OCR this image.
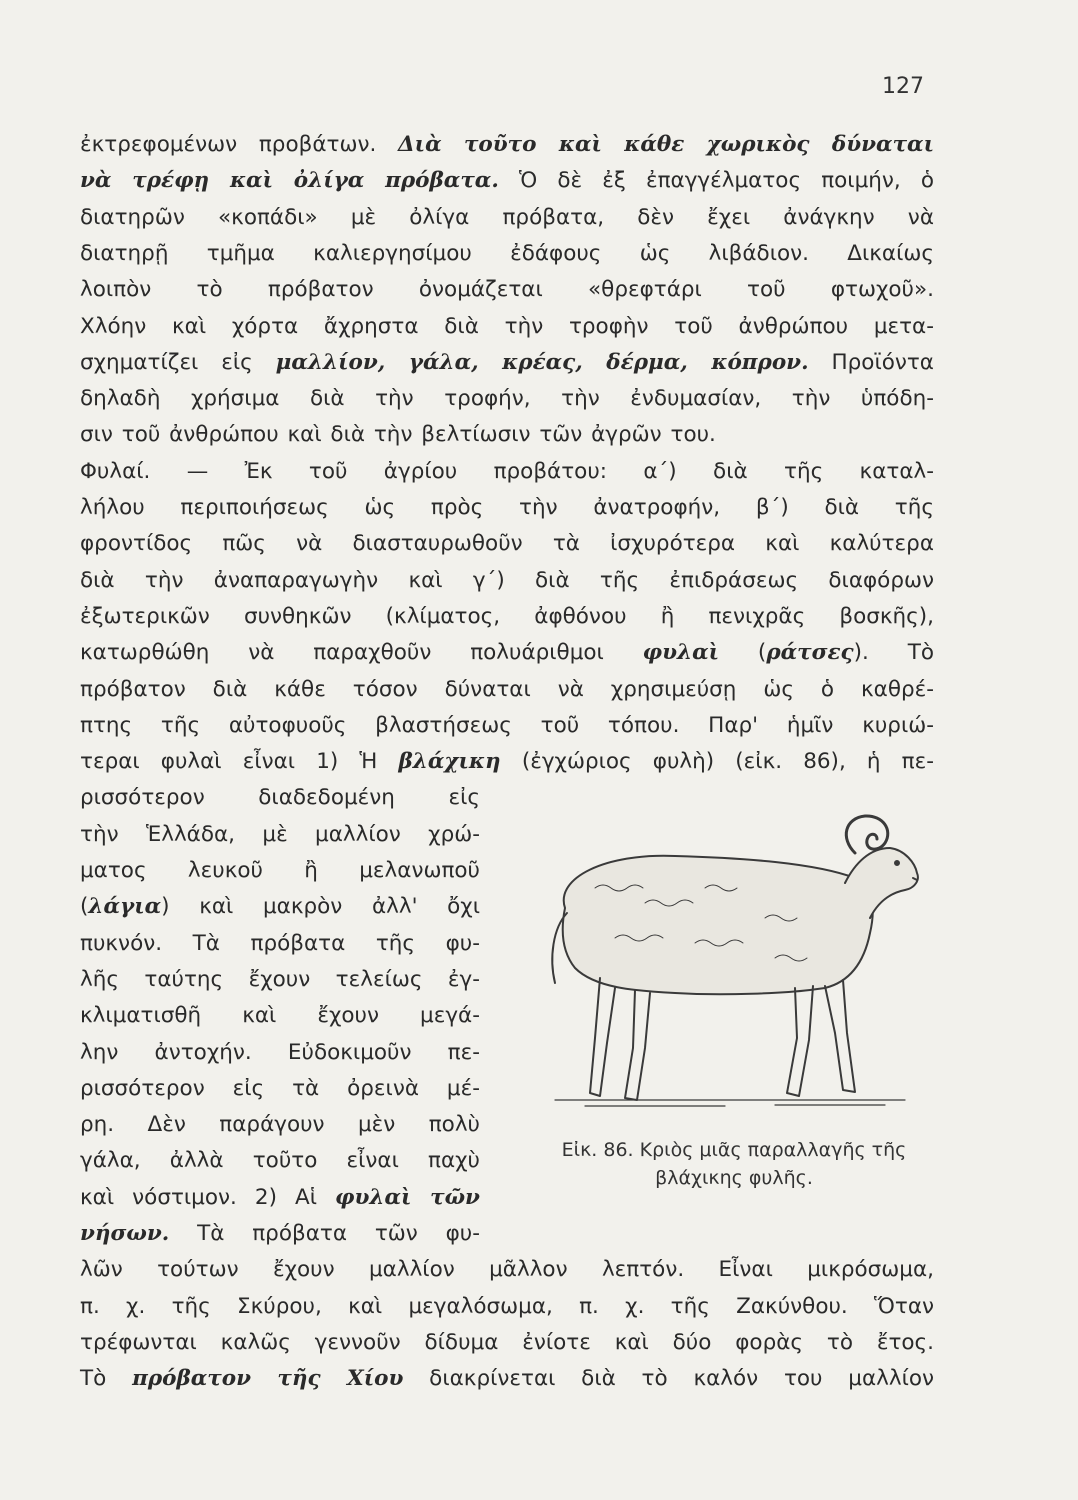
127
ἐκτρεφομένων προβάτων. Διὰ τοῦτο καὶ κάθε χωρικὸς δύναται
νὰ τρέφῃ καὶ ὀλίγα πρόβατα. Ὁ δὲ ἐξ ἐπαγγέλματος ποιμήν, ὁ
διατηρῶν «κοπάδι» μὲ ὀλίγα πρόβατα, δὲν ἔχει ἀνάγκην νὰ
διατηρῇ τμῆμα καλιεργησίμου ἐδάφους ὡς λιβάδιον. Δικαίως
λοιπὸν τὸ πρόβατον ὀνομάζεται «θρεφτάρι τοῦ φτωχοῦ».
Χλόην καὶ χόρτα ἄχρηστα διὰ τὴν τροφὴν τοῦ ἀνθρώπου μετα-
σχηματίζει εἰς μαλλίον, γάλα, κρέας, δέρμα, κόπρον. Προϊόντα
δηλαδὴ χρήσιμα διὰ τὴν τροφήν, τὴν ἐνδυμασίαν, τὴν ὑπόδη-
σιν τοῦ ἀνθρώπου καὶ διὰ τὴν βελτίωσιν τῶν ἀγρῶν του.
Φυλαί. — Ἐκ τοῦ ἀγρίου προβάτου: α΄) διὰ τῆς καταλ-
λήλου περιποιήσεως ὡς πρὸς τὴν ἀνατροφήν, β΄) διὰ τῆς
φροντίδος πῶς νὰ διασταυρωθοῦν τὰ ἰσχυρότερα καὶ καλύτερα
διὰ τὴν ἀναπαραγωγὴν καὶ γ΄) διὰ τῆς ἐπιδράσεως διαφόρων
ἐξωτερικῶν συνθηκῶν (κλίματος, ἀφθόνου ἢ πενιχρᾶς βοσκῆς),
κατωρθώθη νὰ παραχθοῦν πολυάριθμοι φυλαὶ (ράτσες). Τὸ
πρόβατον διὰ κάθε τόσον δύναται νὰ χρησιμεύσῃ ὡς ὁ καθρέ-
πτης τῆς αὐτοφυοῦς βλαστήσεως τοῦ τόπου. Παρ' ἡμῖν κυριώ-
τεραι φυλαὶ εἶναι 1) Ἡ βλάχικη (ἐγχώριος φυλὴ) (εἰκ. 86), ἡ πε-
ρισσότερον διαδεδομένη εἰς
τὴν Ἑλλάδα, μὲ μαλλίον χρώ-
ματος λευκοῦ ἢ μελανωποῦ
(λάγια) καὶ μακρὸν ἀλλ' ὄχι
πυκνόν. Τὰ πρόβατα τῆς φυ-
λῆς ταύτης ἔχουν τελείως ἐγ-
κλιματισθῆ καὶ ἔχουν μεγά-
λην ἀντοχήν. Εὐδοκιμοῦν πε-
ρισσότερον εἰς τὰ ὀρεινὰ μέ-
ρη. Δὲν παράγουν μὲν πολὺ
γάλα, ἀλλὰ τοῦτο εἶναι παχὺ
καὶ νόστιμον. 2) Αἱ φυλαὶ τῶν
νήσων. Τὰ πρόβατα τῶν φυ-
λῶν τούτων ἔχουν μαλλίον μᾶλλον λεπτόν. Εἶναι μικρόσωμα,
π. χ. τῆς Σκύρου, καὶ μεγαλόσωμα, π. χ. τῆς Ζακύνθου. Ὅταν
τρέφωνται καλῶς γεννοῦν δίδυμα ἐνίοτε καὶ δύο φορὰς τὸ ἔτος.
Τὸ πρόβατον τῆς Χίου διακρίνεται διὰ τὸ καλόν του μαλλίον
Εἰκ. 86. Κριὸς μιᾶς παραλλαγῆς τῆς
βλάχικης φυλῆς.
